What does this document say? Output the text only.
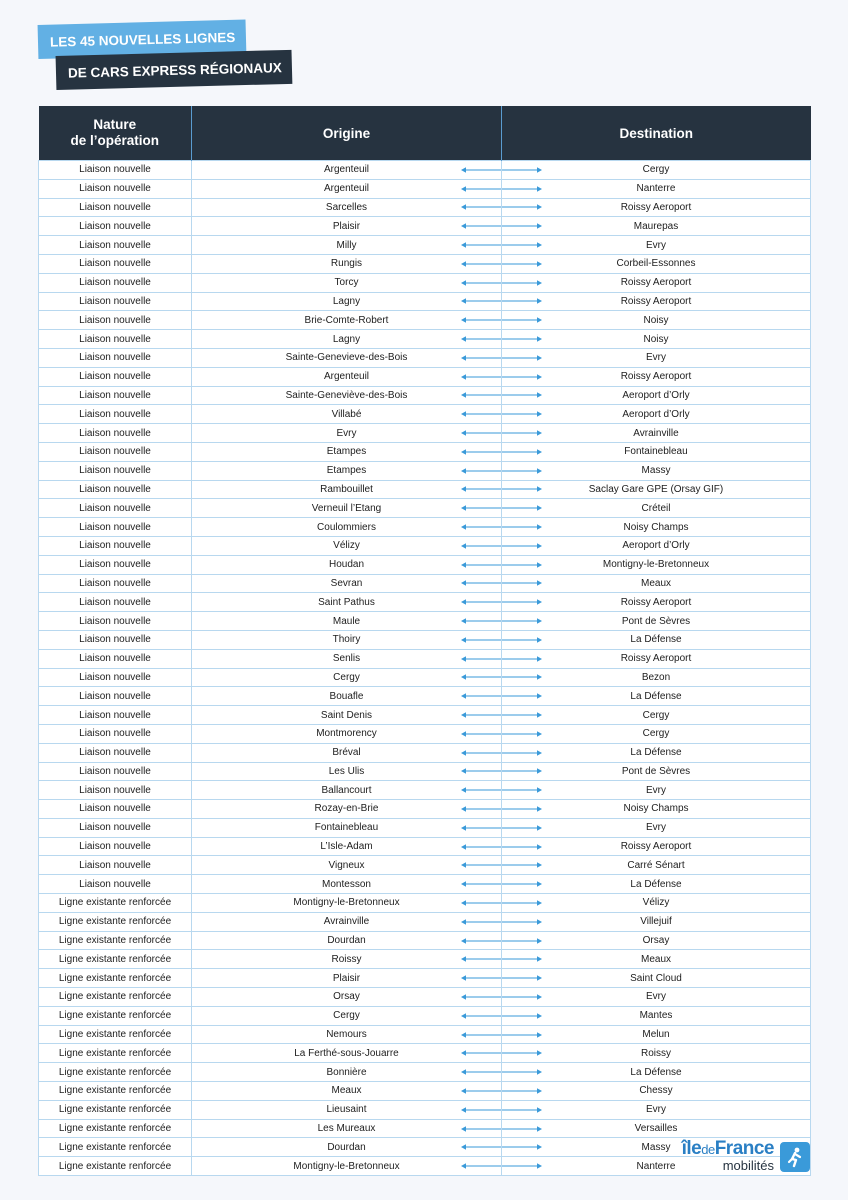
LES 45 NOUVELLES LIGNES
DE CARS EXPRESS RÉGIONAUX
Nature
de l’opération	Origine	Destination
Liaison nouvelle	Argenteuil	Cergy
Liaison nouvelle	Argenteuil	Nanterre
Liaison nouvelle	Sarcelles	Roissy Aeroport
Liaison nouvelle	Plaisir	Maurepas
Liaison nouvelle	Milly	Evry
Liaison nouvelle	Rungis	Corbeil-Essonnes
Liaison nouvelle	Torcy	Roissy Aeroport
Liaison nouvelle	Lagny	Roissy Aeroport
Liaison nouvelle	Brie-Comte-Robert	Noisy
Liaison nouvelle	Lagny	Noisy
Liaison nouvelle	Sainte-Genevieve-des-Bois	Evry
Liaison nouvelle	Argenteuil	Roissy Aeroport
Liaison nouvelle	Sainte-Geneviève-des-Bois	Aeroport d’Orly
Liaison nouvelle	Villabé	Aeroport d’Orly
Liaison nouvelle	Evry	Avrainville
Liaison nouvelle	Etampes	Fontainebleau
Liaison nouvelle	Etampes	Massy
Liaison nouvelle	Rambouillet	Saclay Gare GPE (Orsay GIF)
Liaison nouvelle	Verneuil l’Etang	Créteil
Liaison nouvelle	Coulommiers	Noisy Champs
Liaison nouvelle	Vélizy	Aeroport d’Orly
Liaison nouvelle	Houdan	Montigny-le-Bretonneux
Liaison nouvelle	Sevran	Meaux
Liaison nouvelle	Saint Pathus	Roissy Aeroport
Liaison nouvelle	Maule	Pont de Sèvres
Liaison nouvelle	Thoiry	La Défense
Liaison nouvelle	Senlis	Roissy Aeroport
Liaison nouvelle	Cergy	Bezon
Liaison nouvelle	Bouafle	La Défense
Liaison nouvelle	Saint Denis	Cergy
Liaison nouvelle	Montmorency	Cergy
Liaison nouvelle	Bréval	La Défense
Liaison nouvelle	Les Ulis	Pont de Sèvres
Liaison nouvelle	Ballancourt	Evry
Liaison nouvelle	Rozay-en-Brie	Noisy Champs
Liaison nouvelle	Fontainebleau	Evry
Liaison nouvelle	L’Isle-Adam	Roissy Aeroport
Liaison nouvelle	Vigneux	Carré Sénart
Liaison nouvelle	Montesson	La Défense
Ligne existante renforcée	Montigny-le-Bretonneux	Vélizy
Ligne existante renforcée	Avrainville	Villejuif
Ligne existante renforcée	Dourdan	Orsay
Ligne existante renforcée	Roissy	Meaux
Ligne existante renforcée	Plaisir	Saint Cloud
Ligne existante renforcée	Orsay	Evry
Ligne existante renforcée	Cergy	Mantes
Ligne existante renforcée	Nemours	Melun
Ligne existante renforcée	La Ferthé-sous-Jouarre	Roissy
Ligne existante renforcée	Bonnière	La Défense
Ligne existante renforcée	Meaux	Chessy
Ligne existante renforcée	Lieusaint	Evry
Ligne existante renforcée	Les Mureaux	Versailles
Ligne existante renforcée	Dourdan	Massy
Ligne existante renforcée	Montigny-le-Bretonneux	Nanterre
îledeFrance
mobilités
